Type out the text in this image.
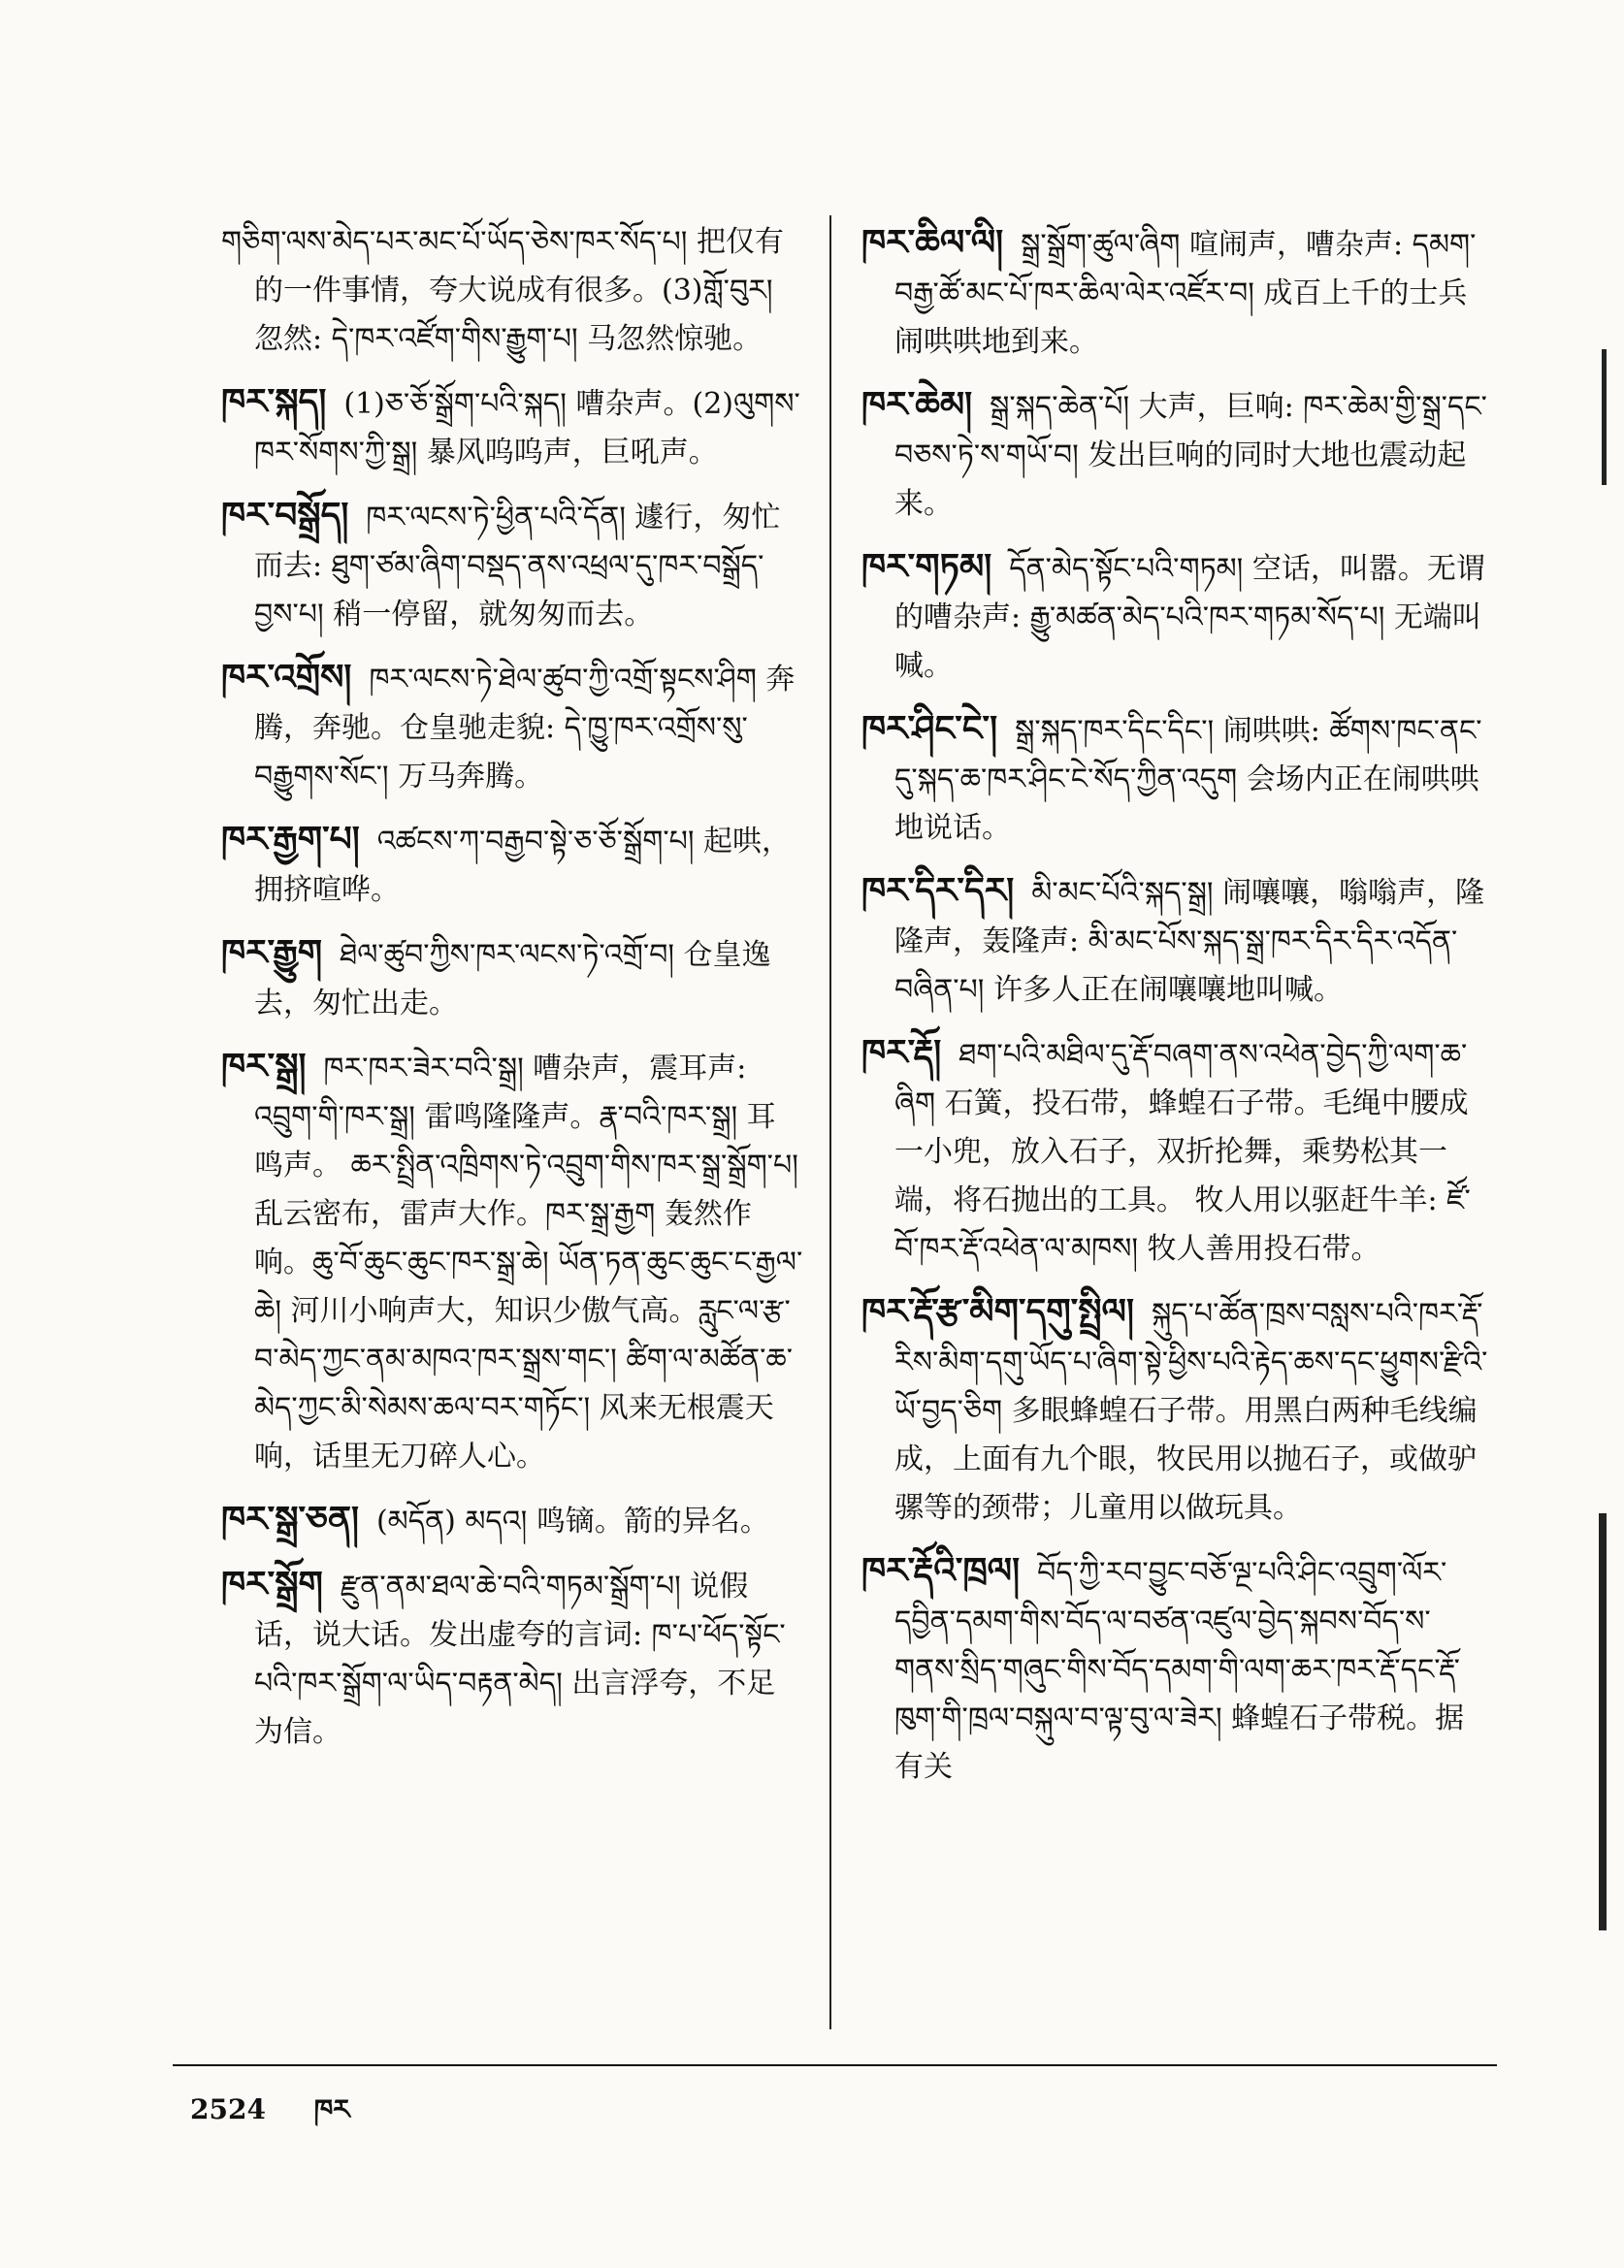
གཅིག་ལས་མེད་པར་མང་པོ་ཡོད་ཅེས་ཁར་སོད་པ། 把仅有的一件事情，夸大说成有很多。(3)གློ་བུར། 忽然: དེ་ཁར་འཛོག་གིས་རྒྱུག་པ། 马忽然惊驰。
ཁར་སྐད། (1)ཅ་ཅོ་སྒྲོག་པའི་སྐད། 嘈杂声。(2)ལུགས་ཁར་སོགས་ཀྱི་སྒྲ། 暴风呜呜声，巨吼声。
ཁར་བསྒྲོད། ཁར་ལངས་ཏེ་ཕྱིན་པའི་དོན། 遽行，匆忙而去: ཐུག་ཙམ་ཞིག་བསྡད་ནས་འཕྲལ་དུ་ཁར་བསྒྲོད་བྱས་པ། 稍一停留，就匆匆而去。
ཁར་འགྲོས། ཁར་ལངས་ཏེ་ཐེལ་ཚུབ་ཀྱི་འགྲོ་སྟངས་ཤིག 奔腾，奔驰。仓皇驰走貌: དེ་ཁྱུ་ཁར་འགྲོས་སུ་བརྒྱུགས་སོང་། 万马奔腾。
ཁར་རྒྱག་པ། འཚངས་ཀ་བརྒྱབ་སྟེ་ཅ་ཅོ་སྒྲོག་པ། 起哄，拥挤喧哗。
ཁར་རྒྱུག ཐེལ་ཚུབ་ཀྱིས་ཁར་ལངས་ཏེ་འགྲོ་བ། 仓皇逸去，匆忙出走。
ཁར་སྒྲ། ཁར་ཁར་ཟེར་བའི་སྒྲ། 嘈杂声，震耳声: འབྲུག་གི་ཁར་སྒྲ། 雷鸣隆隆声。རྣ་བའི་ཁར་སྒྲ། 耳鸣声。 ཆར་སྤྲིན་འཁྲིགས་ཏེ་འབྲུག་གིས་ཁར་སྒྲ་སྒྲོག་པ། 乱云密布，雷声大作。ཁར་སྒྲ་རྒྱག 轰然作响。ཆུ་བོ་ཆུང་ཆུང་ཁར་སྒྲ་ཆེ། ཡོན་ཏན་ཆུང་ཆུང་ང་རྒྱལ་ཆེ། 河川小响声大，知识少傲气高。རླུང་ལ་རྩ་བ་མེད་ཀྱང་ནམ་མཁའ་ཁར་སྒྲས་གང་། ཚིག་ལ་མཚོན་ཆ་མེད་ཀྱང་མི་སེམས་ཆལ་བར་གཏོང་། 风来无根震天响，话里无刀碎人心。
ཁར་སྒྲ་ཅན། (མདོན) མདའ། 鸣镝。箭的异名。
ཁར་སྒྲོག རྫུན་ནམ་ཐལ་ཆེ་བའི་གཏམ་སྒྲོག་པ། 说假话，说大话。发出虚夸的言词: ཁ་པ་ཕོད་སྟོང་པའི་ཁར་སྒྲོག་ལ་ཡིད་བརྟན་མེད། 出言浮夸，不足为信。
ཁར་ཆིལ་ལི། སྒྲ་སྒྲོག་ཚུལ་ཞིག 喧闹声，嘈杂声: དམག་བརྒྱ་ཚོ་མང་པོ་ཁར་ཆིལ་ལེར་འཛོར་བ། 成百上千的士兵闹哄哄地到来。
ཁར་ཆེམ། སྒྲ་སྐད་ཆེན་པོ། 大声，巨响: ཁར་ཆེམ་གྱི་སྒྲ་དང་བཅས་ཏེ་ས་གཡོ་བ། 发出巨响的同时大地也震动起来。
ཁར་གཏམ། དོན་མེད་སྟོང་པའི་གཏམ། 空话，叫嚣。无谓的嘈杂声: རྒྱུ་མཚན་མེད་པའི་ཁར་གཏམ་སོད་པ། 无端叫喊。
ཁར་ཤིང་ངེ་། སྒྲ་སྐད་ཁར་དིང་དིང་། 闹哄哄: ཚོགས་ཁང་ནང་དུ་སྐད་ཆ་ཁར་ཤིང་ངེ་སོད་ཀྱིན་འདུག 会场内正在闹哄哄地说话。
ཁར་དིར་དིར། མི་མང་པོའི་སྐད་སྒྲ། 闹嚷嚷，嗡嗡声，隆隆声，轰隆声: མི་མང་པོས་སྐད་སྒྲ་ཁར་དིར་དིར་འདོན་བཞིན་པ། 许多人正在闹嚷嚷地叫喊。
ཁར་རྡོ། ཐག་པའི་མཐིལ་དུ་རྡོ་བཞག་ནས་འཕེན་བྱེད་ཀྱི་ལག་ཆ་ཞིག 石簧，投石带，蜂蝗石子带。毛绳中腰成一小兜，放入石子，双折抡舞，乘势松其一端，将石抛出的工具。 牧人用以驱赶牛羊: ཛོ་བོ་ཁར་རྡོ་འཕེན་ལ་མཁས། 牧人善用投石带。
ཁར་རྡོ་རྩ་མིག་དགུ་སྤྲིལ། སྐུད་པ་ཚོན་ཁྲས་བསླས་པའི་ཁར་རྡོ་རིས་མིག་དགུ་ཡོད་པ་ཞིག་སྟེ་ཕྱིས་པའི་རྟེད་ཆས་དང་ཕྱུགས་རྫིའི་ཡོ་བྱད་ཅིག 多眼蜂蝗石子带。用黑白两种毛线编成，上面有九个眼，牧民用以抛石子，或做驴骡等的颈带；儿童用以做玩具。
ཁར་རྡོའི་ཁྲལ། བོད་ཀྱི་རབ་བྱུང་བཅོ་ལྔ་པའི་ཤིང་འབྲུག་ལོར་དབྱིན་དམག་གིས་བོད་ལ་བཙན་འཛུལ་བྱེད་སྐབས་བོད་ས་གནས་སྲིད་གཞུང་གིས་བོད་དམག་གི་ལག་ཆར་ཁར་རྡོ་དང་རྡོ་ཁུག་གི་ཁྲལ་བསྐུལ་བ་ལྟ་བུ་ལ་ཟེར། 蜂蝗石子带税。据有关
2524 ཁར
